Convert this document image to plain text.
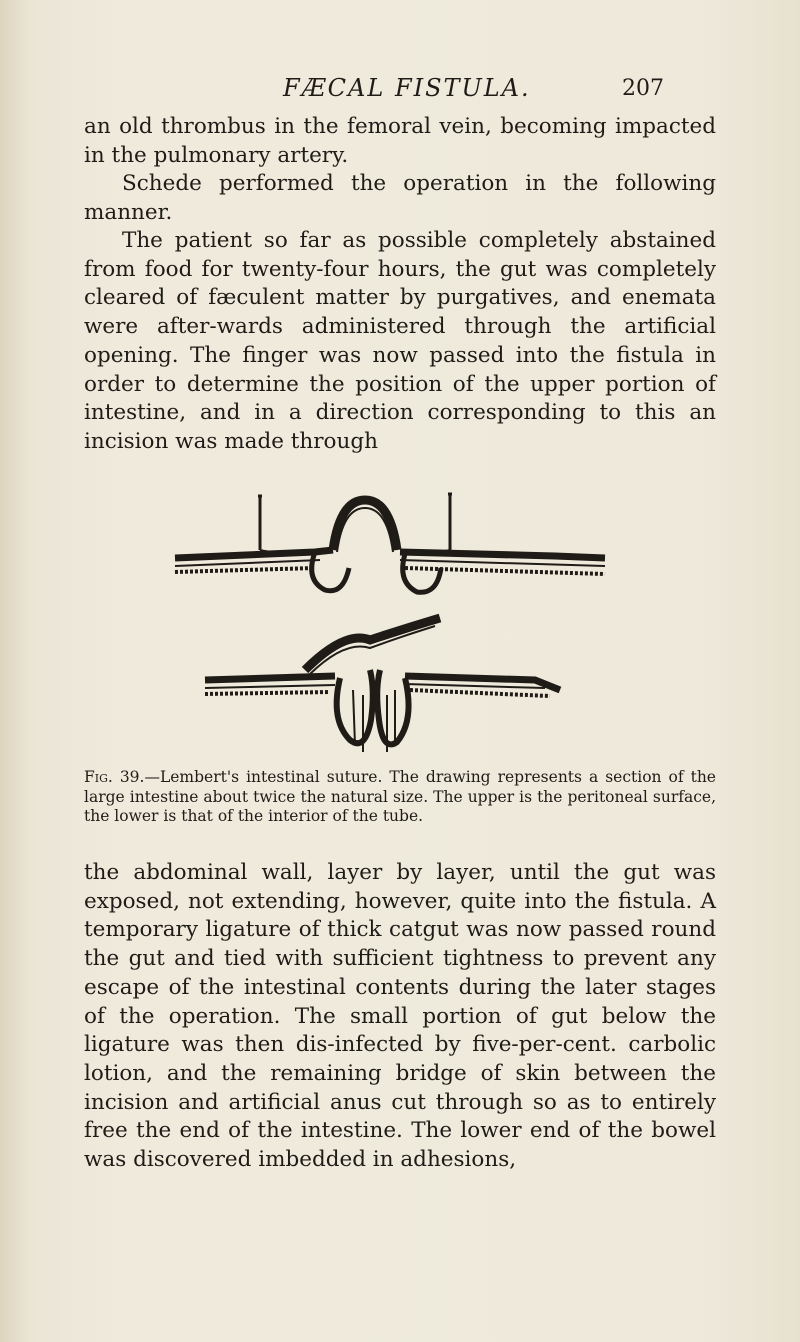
FÆCAL FISTULA.	207

an old thrombus in the femoral vein, becoming impacted in the pulmonary artery.

Schede performed the operation in the following manner.

The patient so far as possible completely abstained from food for twenty-four hours, the gut was completely cleared of fæculent matter by purgatives, and enemata were after-wards administered through the artificial opening. The finger was now passed into the fistula in order to determine the position of the upper portion of intestine, and in a direction corresponding to this an incision was made through

Fig. 39.—Lembert's intestinal suture. The drawing represents a section of the large intestine about twice the natural size. The upper is the peritoneal surface, the lower is that of the interior of the tube.

the abdominal wall, layer by layer, until the gut was exposed, not extending, however, quite into the fistula. A temporary ligature of thick catgut was now passed round the gut and tied with sufficient tightness to prevent any escape of the intestinal contents during the later stages of the operation. The small portion of gut below the ligature was then dis-infected by five-per-cent. carbolic lotion, and the remaining bridge of skin between the incision and artificial anus cut through so as to entirely free the end of the intestine. The lower end of the bowel was discovered imbedded in adhesions,
